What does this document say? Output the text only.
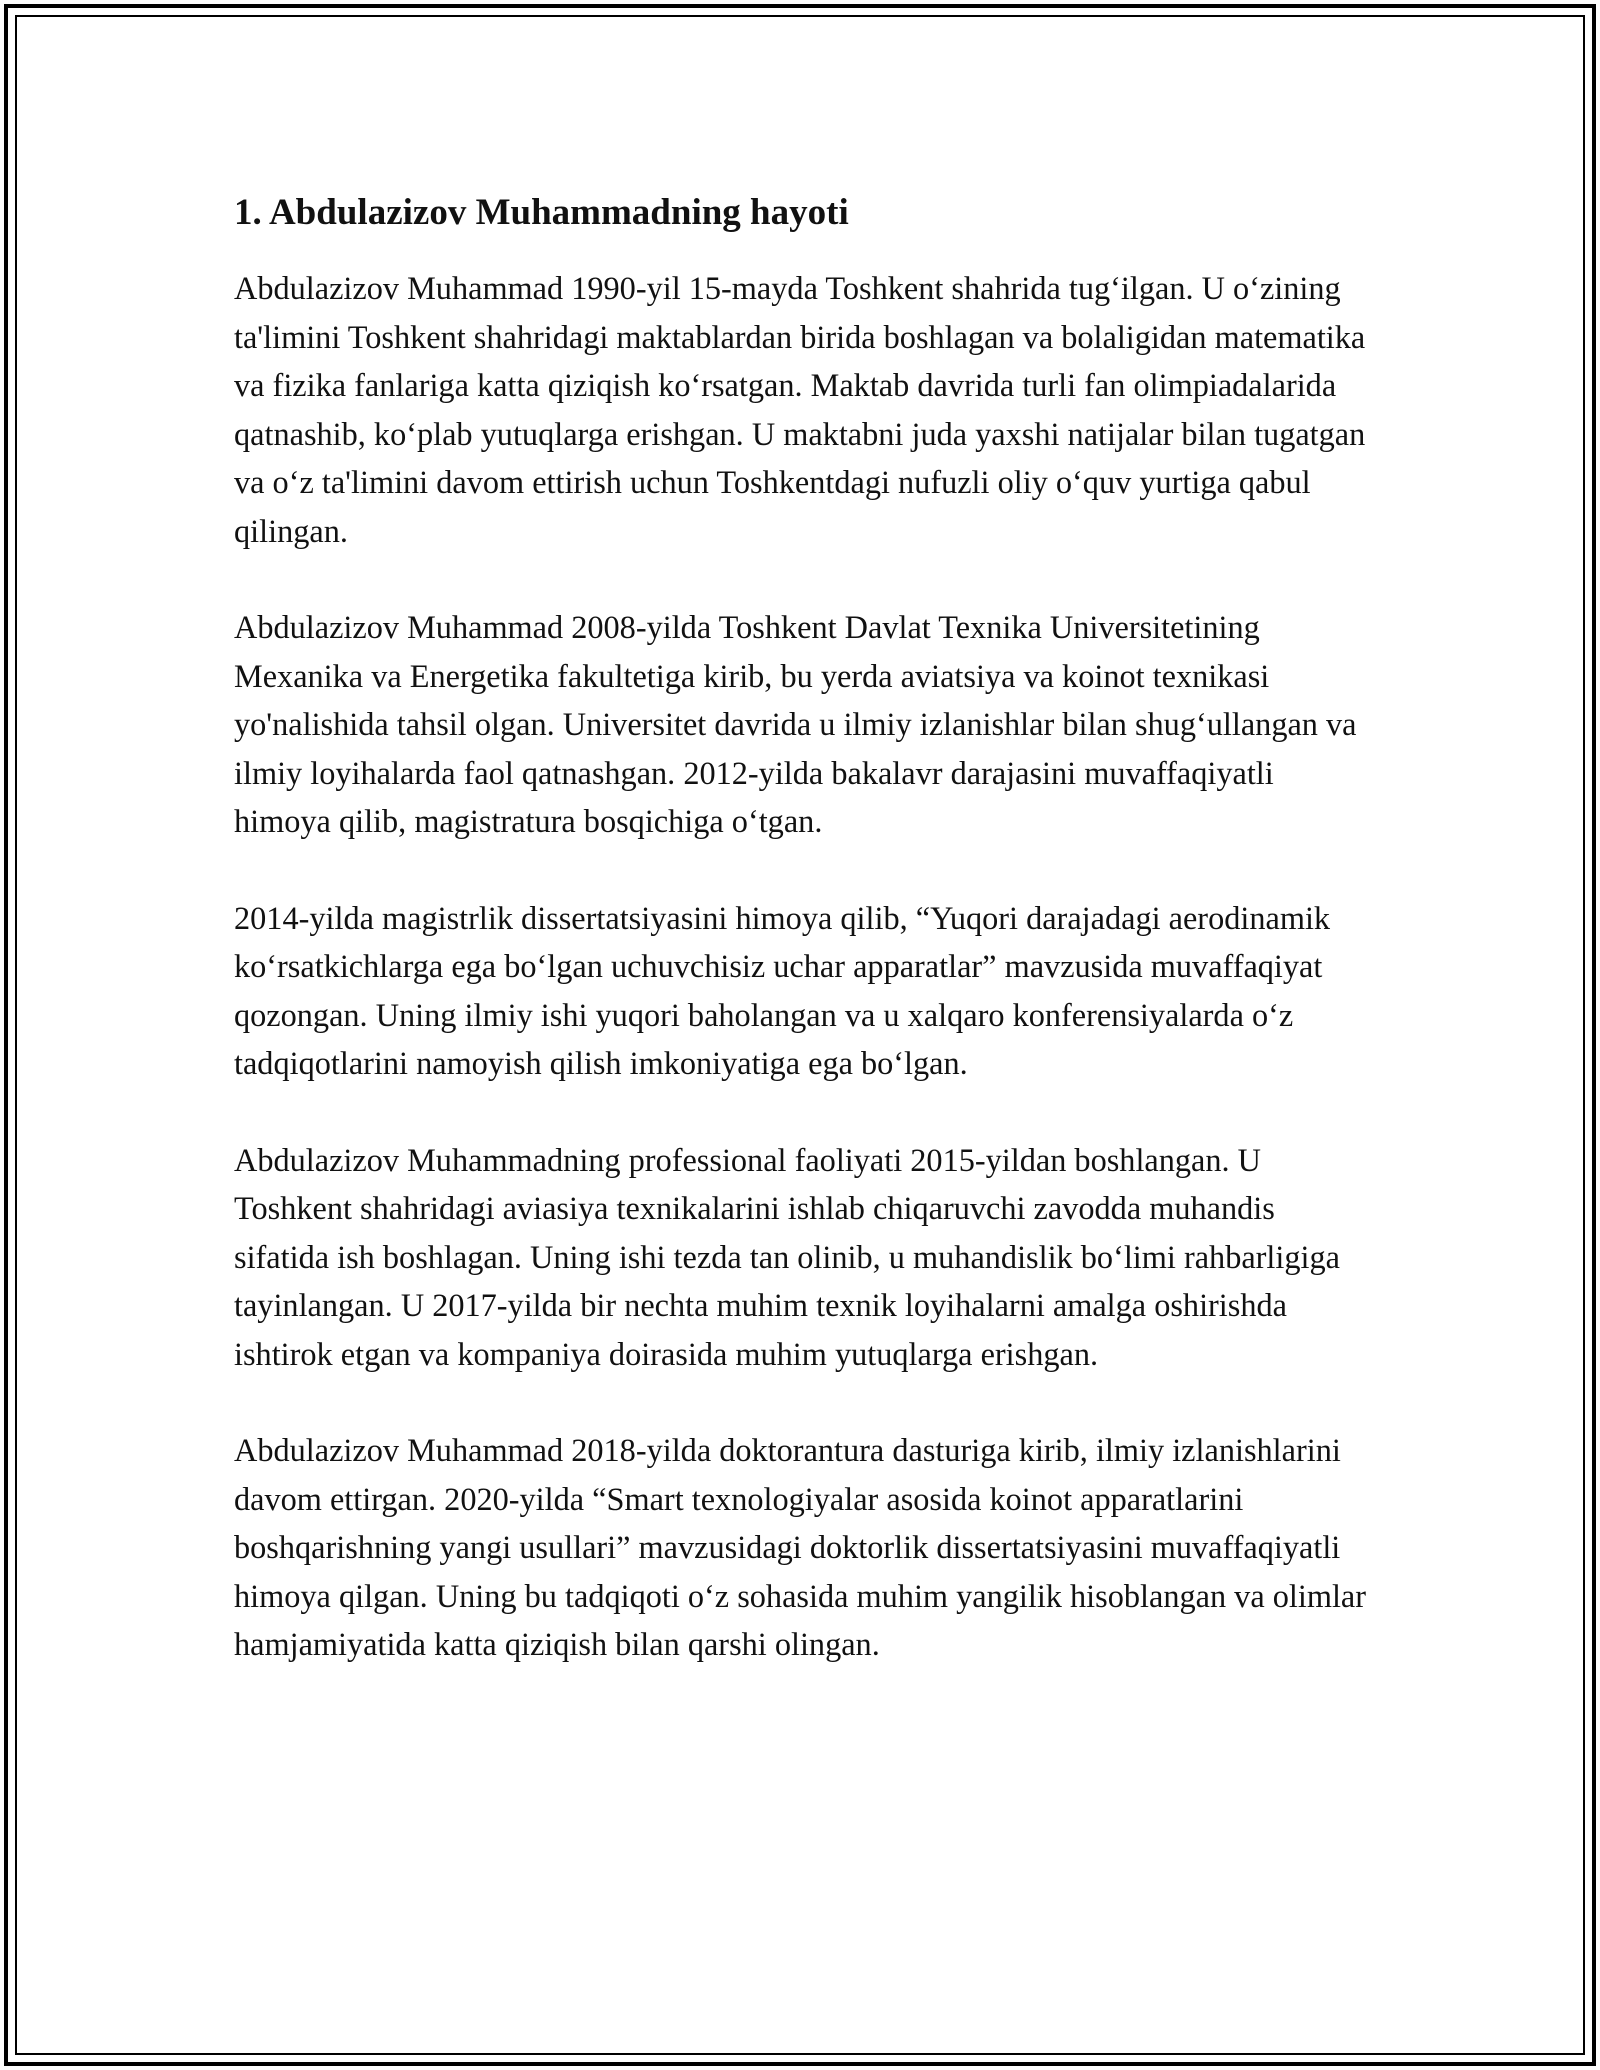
1. Abdulazizov Muhammadning hayoti

Abdulazizov Muhammad 1990-yil 15-mayda Toshkent shahrida tug‘ilgan. U o‘zining ta'limini Toshkent shahridagi maktablardan birida boshlagan va bolaligidan matematika va fizika fanlariga katta qiziqish ko‘rsatgan. Maktab davrida turli fan olimpiadalarida qatnashib, ko‘plab yutuqlarga erishgan. U maktabni juda yaxshi natijalar bilan tugatgan va o‘z ta'limini davom ettirish uchun Toshkentdagi nufuzli oliy o‘quv yurtiga qabul qilingan.

Abdulazizov Muhammad 2008-yilda Toshkent Davlat Texnika Universitetining Mexanika va Energetika fakultetiga kirib, bu yerda aviatsiya va koinot texnikasi yo'nalishida tahsil olgan. Universitet davrida u ilmiy izlanishlar bilan shug‘ullangan va ilmiy loyihalarda faol qatnashgan. 2012-yilda bakalavr darajasini muvaffaqiyatli himoya qilib, magistratura bosqichiga o‘tgan.

2014-yilda magistrlik dissertatsiyasini himoya qilib, “Yuqori darajadagi aerodinamik ko‘rsatkichlarga ega bo‘lgan uchuvchisiz uchar apparatlar” mavzusida muvaffaqiyat qozongan. Uning ilmiy ishi yuqori baholangan va u xalqaro konferensiyalarda o‘z tadqiqotlarini namoyish qilish imkoniyatiga ega bo‘lgan.

Abdulazizov Muhammadning professional faoliyati 2015-yildan boshlangan. U Toshkent shahridagi aviasiya texnikalarini ishlab chiqaruvchi zavodda muhandis sifatida ish boshlagan. Uning ishi tezda tan olinib, u muhandislik bo‘limi rahbarligiga tayinlangan. U 2017-yilda bir nechta muhim texnik loyihalarni amalga oshirishda ishtirok etgan va kompaniya doirasida muhim yutuqlarga erishgan.

Abdulazizov Muhammad 2018-yilda doktorantura dasturiga kirib, ilmiy izlanishlarini davom ettirgan. 2020-yilda “Smart texnologiyalar asosida koinot apparatlarini boshqarishning yangi usullari” mavzusidagi doktorlik dissertatsiyasini muvaffaqiyatli himoya qilgan. Uning bu tadqiqoti o‘z sohasida muhim yangilik hisoblangan va olimlar hamjamiyatida katta qiziqish bilan qarshi olingan.
